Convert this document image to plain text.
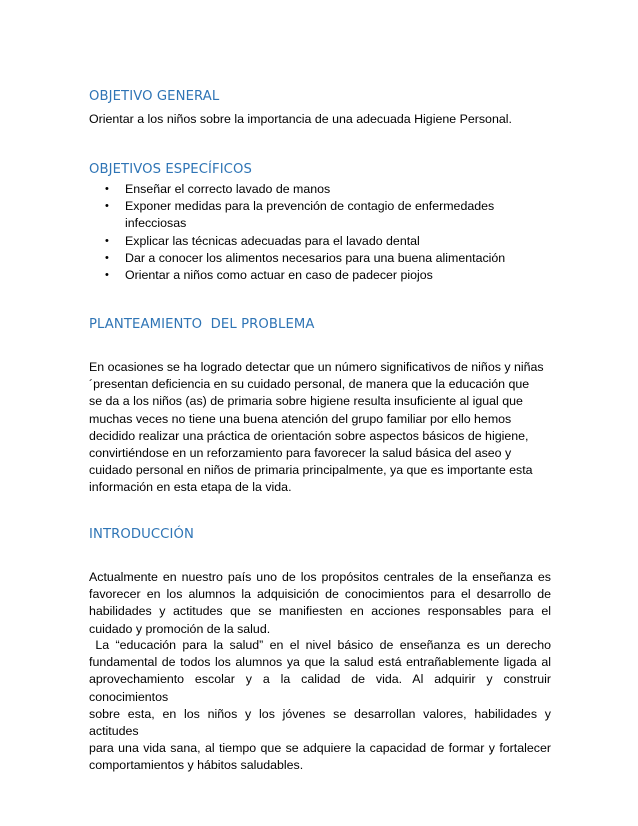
OBJETIVO GENERAL

Orientar a los niños sobre la importancia de una adecuada Higiene Personal.

OBJETIVOS ESPECÍFICOS
• Enseñar el correcto lavado de manos
• Exponer medidas para la prevención de contagio de enfermedades infecciosas
• Explicar las técnicas adecuadas para el lavado dental
• Dar a conocer los alimentos necesarios para una buena alimentación
• Orientar a niños como actuar en caso de padecer piojos
PLANTEAMIENTO  DEL PROBLEMA
En ocasiones se ha logrado detectar que un número significativos de niños y niñas
´presentan deficiencia en su cuidado personal, de manera que la educación que
se da a los niños (as) de primaria sobre higiene resulta insuficiente al igual que
muchas veces no tiene una buena atención del grupo familiar por ello hemos
decidido realizar una práctica de orientación sobre aspectos básicos de higiene,
convirtiéndose en un reforzamiento para favorecer la salud básica del aseo y
cuidado personal en niños de primaria principalmente, ya que es importante esta
información en esta etapa de la vida.
INTRODUCCIÓN
Actualmente en nuestro país uno de los propósitos centrales de la enseñanza es
favorecer en los alumnos la adquisición de conocimientos para el desarrollo de
habilidades y actitudes que se manifiesten en acciones responsables para el
cuidado y promoción de la salud.
La “educación para la salud” en el nivel básico de enseñanza es un derecho
fundamental de todos los alumnos ya que la salud está entrañablemente ligada al
aprovechamiento escolar y a la calidad de vida. Al adquirir y construir conocimientos
sobre esta, en los niños y los jóvenes se desarrollan valores, habilidades y actitudes
para una vida sana, al tiempo que se adquiere la capacidad de formar y fortalecer
comportamientos y hábitos saludables.
